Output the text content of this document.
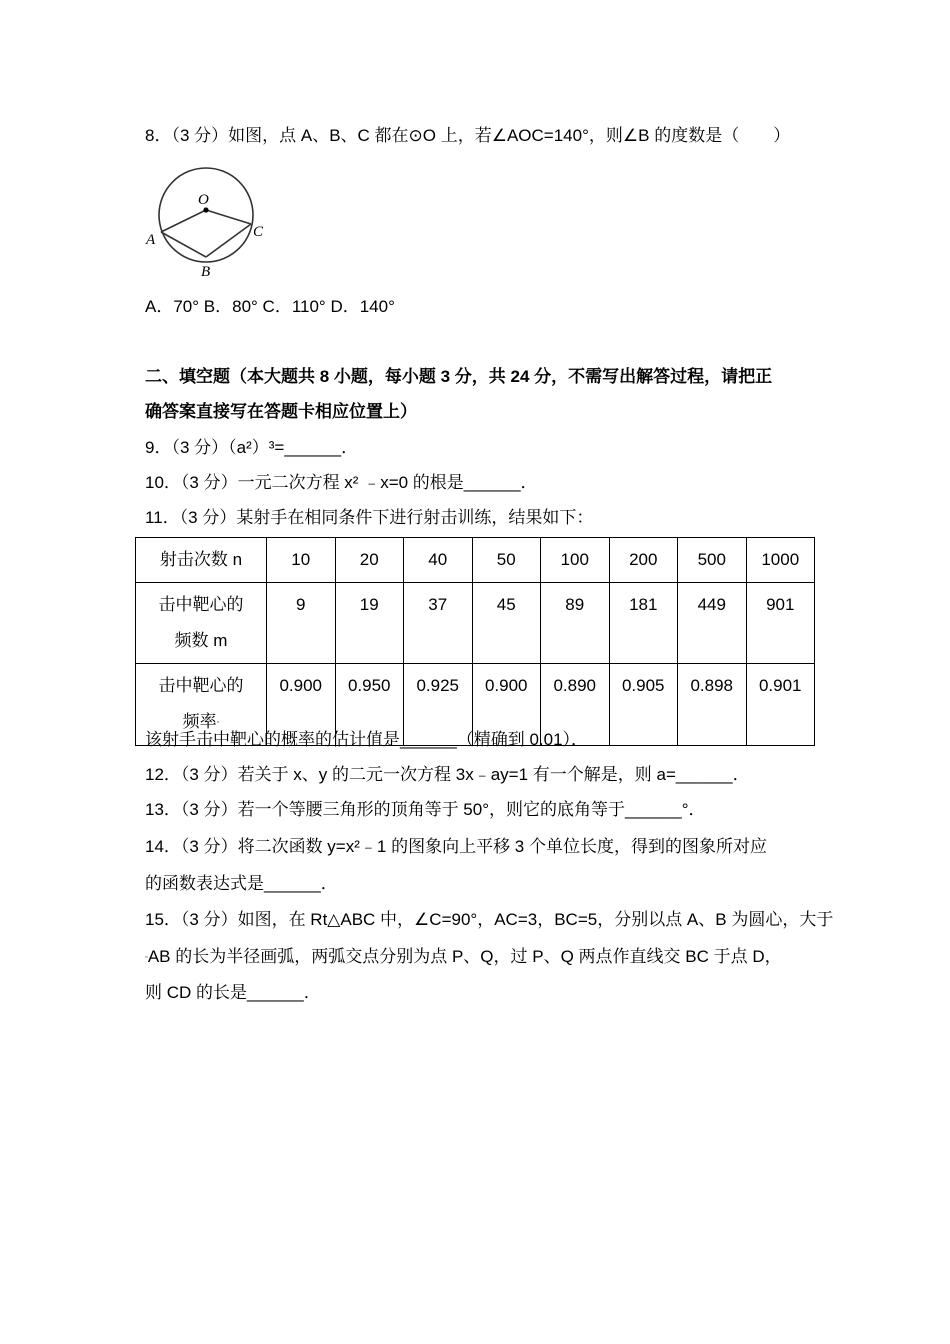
8．（3 分）如图，点 A、B、C 都在⊙O 上，若∠AOC=140°，则∠B 的度数是（　　）
O
A
B
C
A．70° B．80° C．110° D．140°
二、填空题（本大题共 8 小题，每小题 3 分，共 24 分，不需写出解答过程，请把正
确答案直接写在答题卡相应位置上）
9．（3 分）（a²）³=______．
10．（3 分）一元二次方程 x² ﹣x=0 的根是______．
11．（3 分）某射手在相同条件下进行射击训练，结果如下：
射击次数 n	10	20	40	50	100	200	500	1000

击中靶心的
频数 m	9	19	37	45	89	181	449	901

击中靶心的
频率▫	0.900	0.950	0.925	0.900	0.890	0.905	0.898	0.901
该射手击中靶心的概率的估计值是______（精确到 0.01）．
12．（3 分）若关于 x、y 的二元一次方程 3x﹣ay=1 有一个解是，则 a=______．
13．（3 分）若一个等腰三角形的顶角等于 50°，则它的底角等于______°．
14．（3 分）将二次函数 y=x²﹣1 的图象向上平移 3 个单位长度，得到的图象所对应
的函数表达式是______．
15．（3 分）如图，在 Rt△ABC 中，∠C=90°，AC=3，BC=5，分别以点 A、B 为圆心，大于
▫AB 的长为半径画弧，两弧交点分别为点 P、Q，过 P、Q 两点作直线交 BC 于点 D，
则 CD 的长是______．
